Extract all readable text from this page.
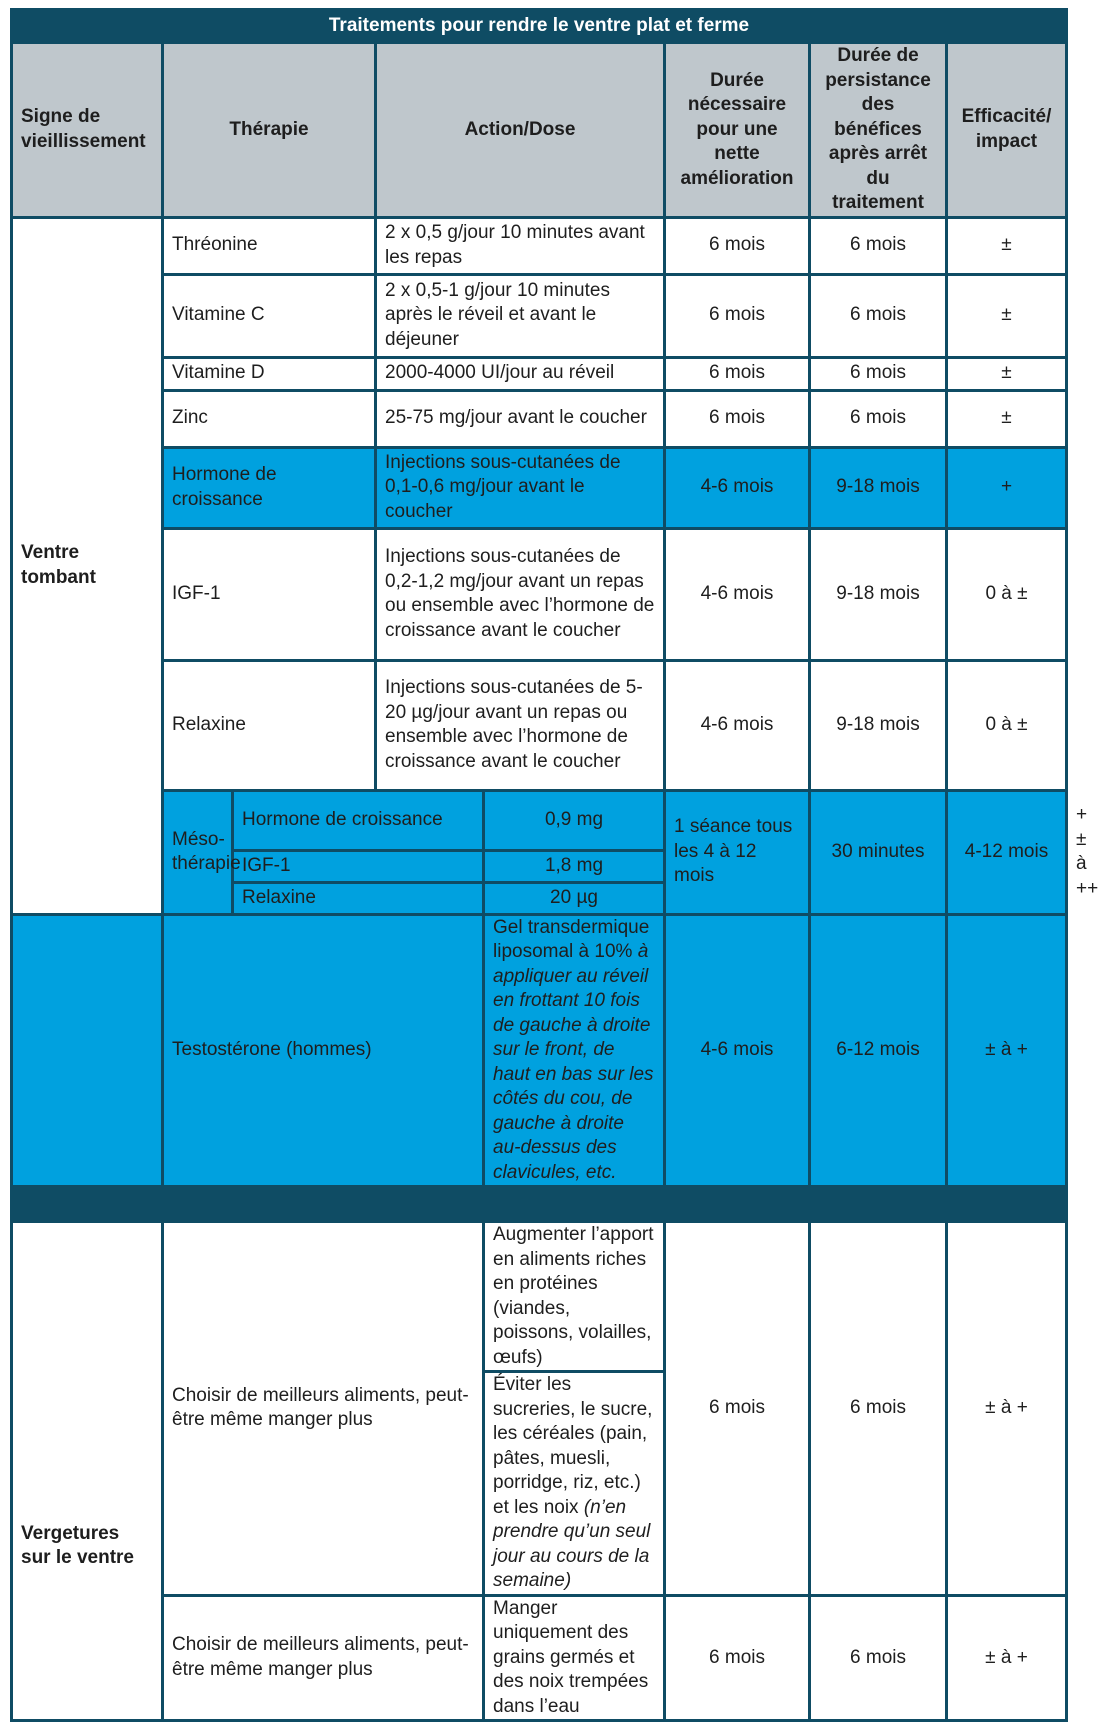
Traitements pour rendre le ventre plat et ferme								
Signe de vieillissement	Thérapie		Action/Dose		Durée nécessaire pour une nette amélioration	Durée de persistance des bénéfices après arrêt du traitement	Efficacité/ impact	
Ventre tombant	Thréonine		2 x 0,5 g/jour 10 minutes avant les repas		6 mois	6 mois	±	
	Vitamine C		2 x 0,5-1 g/jour 10 minutes après le réveil et avant le déjeuner		6 mois	6 mois	±	
	Vitamine D		2000-4000 UI/jour au réveil		6 mois	6 mois	±	
	Zinc		25-75 mg/jour avant le coucher		6 mois	6 mois	±	
	Hormone de croissance		Injections sous-cutanées de 0,1-0,6 mg/jour avant le coucher		4-6 mois	9-18 mois	+	
	IGF-1		Injections sous-cutanées de 0,2-1,2 mg/jour avant un repas ou ensemble avec l’hormone de croissance avant le coucher		4-6 mois	9-18 mois	0 à ±	
	Relaxine		Injections sous-cutanées de 5-20 µg/jour avant un repas ou ensemble avec l’hormone de croissance avant le coucher		4-6 mois	9-18 mois	0 à ±	
	Méso-thérapie	Hormone de croissance		0,9 mg	1 séance tous les 4 à 12 mois	30 minutes	4-12 mois	+± à ++
		IGF-1		1,8 mg				
		Relaxine		20 µg				
	Testostérone (hommes)			Gel transdermique liposomal à 10% à appliquer au réveil en frottant 10 fois de gauche à droite sur le front, de haut en bas sur les côtés du cou, de gauche à droite au-dessus des clavicules, etc.	4-6 mois	6-12 mois	± à +	

Vergetures sur le ventre	Choisir de meilleurs aliments, peut-être même manger plus			Augmenter l’apport en aliments riches en protéines (viandes, poissons, volailles, œufs)	6 mois	6 mois	± à +	
				Éviter les sucreries, le sucre, les céréales (pain, pâtes, muesli, porridge, riz, etc.) et les noix (n’en prendre qu’un seul jour au cours de la semaine)				
	Choisir de meilleurs aliments, peut-être même manger plus			Manger uniquement des grains germés et des noix trempées dans l’eau	6 mois	6 mois	± à +	
